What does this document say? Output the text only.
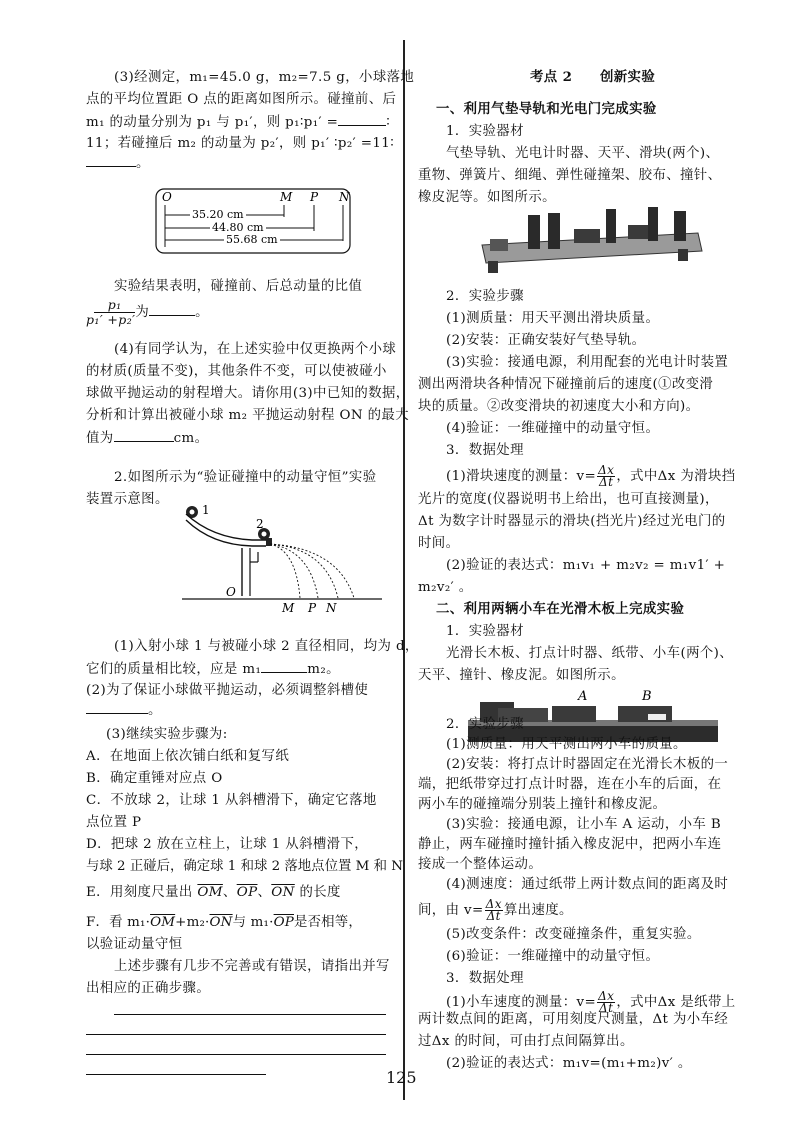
(3)经测定，m₁=45.0 g，m₂=7.5 g，小球落地
点的平均位置距 O 点的距离如图所示。碰撞前、后
m₁ 的动量分别为 p₁ 与 p₁′，则 p₁∶p₁′ =	∶
11；若碰撞后 m₂ 的动量为 p₂′，则 p₁′ ∶p₂′ =11∶
。
O	M P N
35.20 cm
44.80 cm
55.68 cm
实验结果表明，碰撞前、后总动量的比值
$\frac{\text{p₁}}{\text{p₁′ +p₂′}}$ 为	。
(4)有同学认为，在上述实验中仅更换两个小球
的材质(质量不变)，其他条件不变，可以使被碰小
球做平抛运动的射程增大。请你用(3)中已知的数据，
分析和计算出被碰小球 m₂ 平抛运动射程 ON 的最大
值为	cm。
2.如图所示为“验证碰撞中的动量守恒”实验
装置示意图。
1
2
O
M P N
(1)入射小球 1 与被碰小球 2 直径相同，均为 d，
它们的质量相比较，应是 m₁	m₂。
(2)为了保证小球做平抛运动，必须调整斜槽使
。
(3)继续实验步骤为:
A．在地面上依次铺白纸和复写纸
B．确定重锤对应点 O
C．不放球 2，让球 1 从斜槽滑下，确定它落地
点位置 P
D．把球 2 放在立柱上，让球 1 从斜槽滑下，
与球 2 正碰后，确定球 1 和球 2 落地点位置 M 和 N
E．用刻度尺量出 $\overline{OM}$、$\overline{OP}$、$\overline{ON}$ 的长度
F．看 $m_1\cdot\overline{OM}+m_2\cdot\overline{ON}$与 $m_1\cdot\overline{OP}$是否相等，
以验证动量守恒
上述步骤有几步不完善或有错误，请指出并写
出相应的正确步骤。
考点 2　　创新实验
一、利用气垫导轨和光电门完成实验
1．实验器材
气垫导轨、光电计时器、天平、滑块(两个)、
重物、弹簧片、细绳、弹性碰撞架、胶布、撞针、
橡皮泥等。如图所示。
2．实验步骤
(1)测质量：用天平测出滑块质量。
(2)安装：正确安装好气垫导轨。
(3)实验：接通电源，利用配套的光电计时装置
测出两滑块各种情况下碰撞前后的速度(①改变滑
块的质量。②改变滑块的初速度大小和方向)。
(4)验证：一维碰撞中的动量守恒。
3．数据处理
(1)滑块速度的测量：$v= \frac{\Delta x}{\Delta t}$ ，式中Δx 为滑块挡
光片的宽度(仪器说明书上给出，也可直接测量)，
Δt 为数字计时器显示的滑块(挡光片)经过光电门的
时间。
(2)验证的表达式：m₁v₁ + m₂v₂ = m₁v1′ +
m₂v₂′ 。
二、利用两辆小车在光滑木板上完成实验
1．实验器材
光滑长木板、打点计时器、纸带、小车(两个)、
天平、撞针、橡皮泥。如图所示。
A	B
2．实验步骤
(1)测质量：用天平测出两小车的质量。
(2)安装：将打点计时器固定在光滑长木板的一
端，把纸带穿过打点计时器，连在小车的后面，在
两小车的碰撞端分别装上撞针和橡皮泥。
(3)实验：接通电源，让小车 A 运动，小车 B
静止，两车碰撞时撞针插入橡皮泥中，把两小车连
接成一个整体运动。
(4)测速度：通过纸带上两计数点间的距离及时
间，由 $v= \frac{\Delta x}{\Delta t}$ 算出速度。
(5)改变条件：改变碰撞条件，重复实验。
(6)验证：一维碰撞中的动量守恒。
3．数据处理
(1)小车速度的测量：$v= \frac{\Delta x}{\Delta t}$ ，式中Δx 是纸带上
两计数点间的距离，可用刻度尺测量，Δt 为小车经
过Δx 的时间，可由打点间隔算出。
(2)验证的表达式：m₁v=(m₁+m₂)v′ 。
125
